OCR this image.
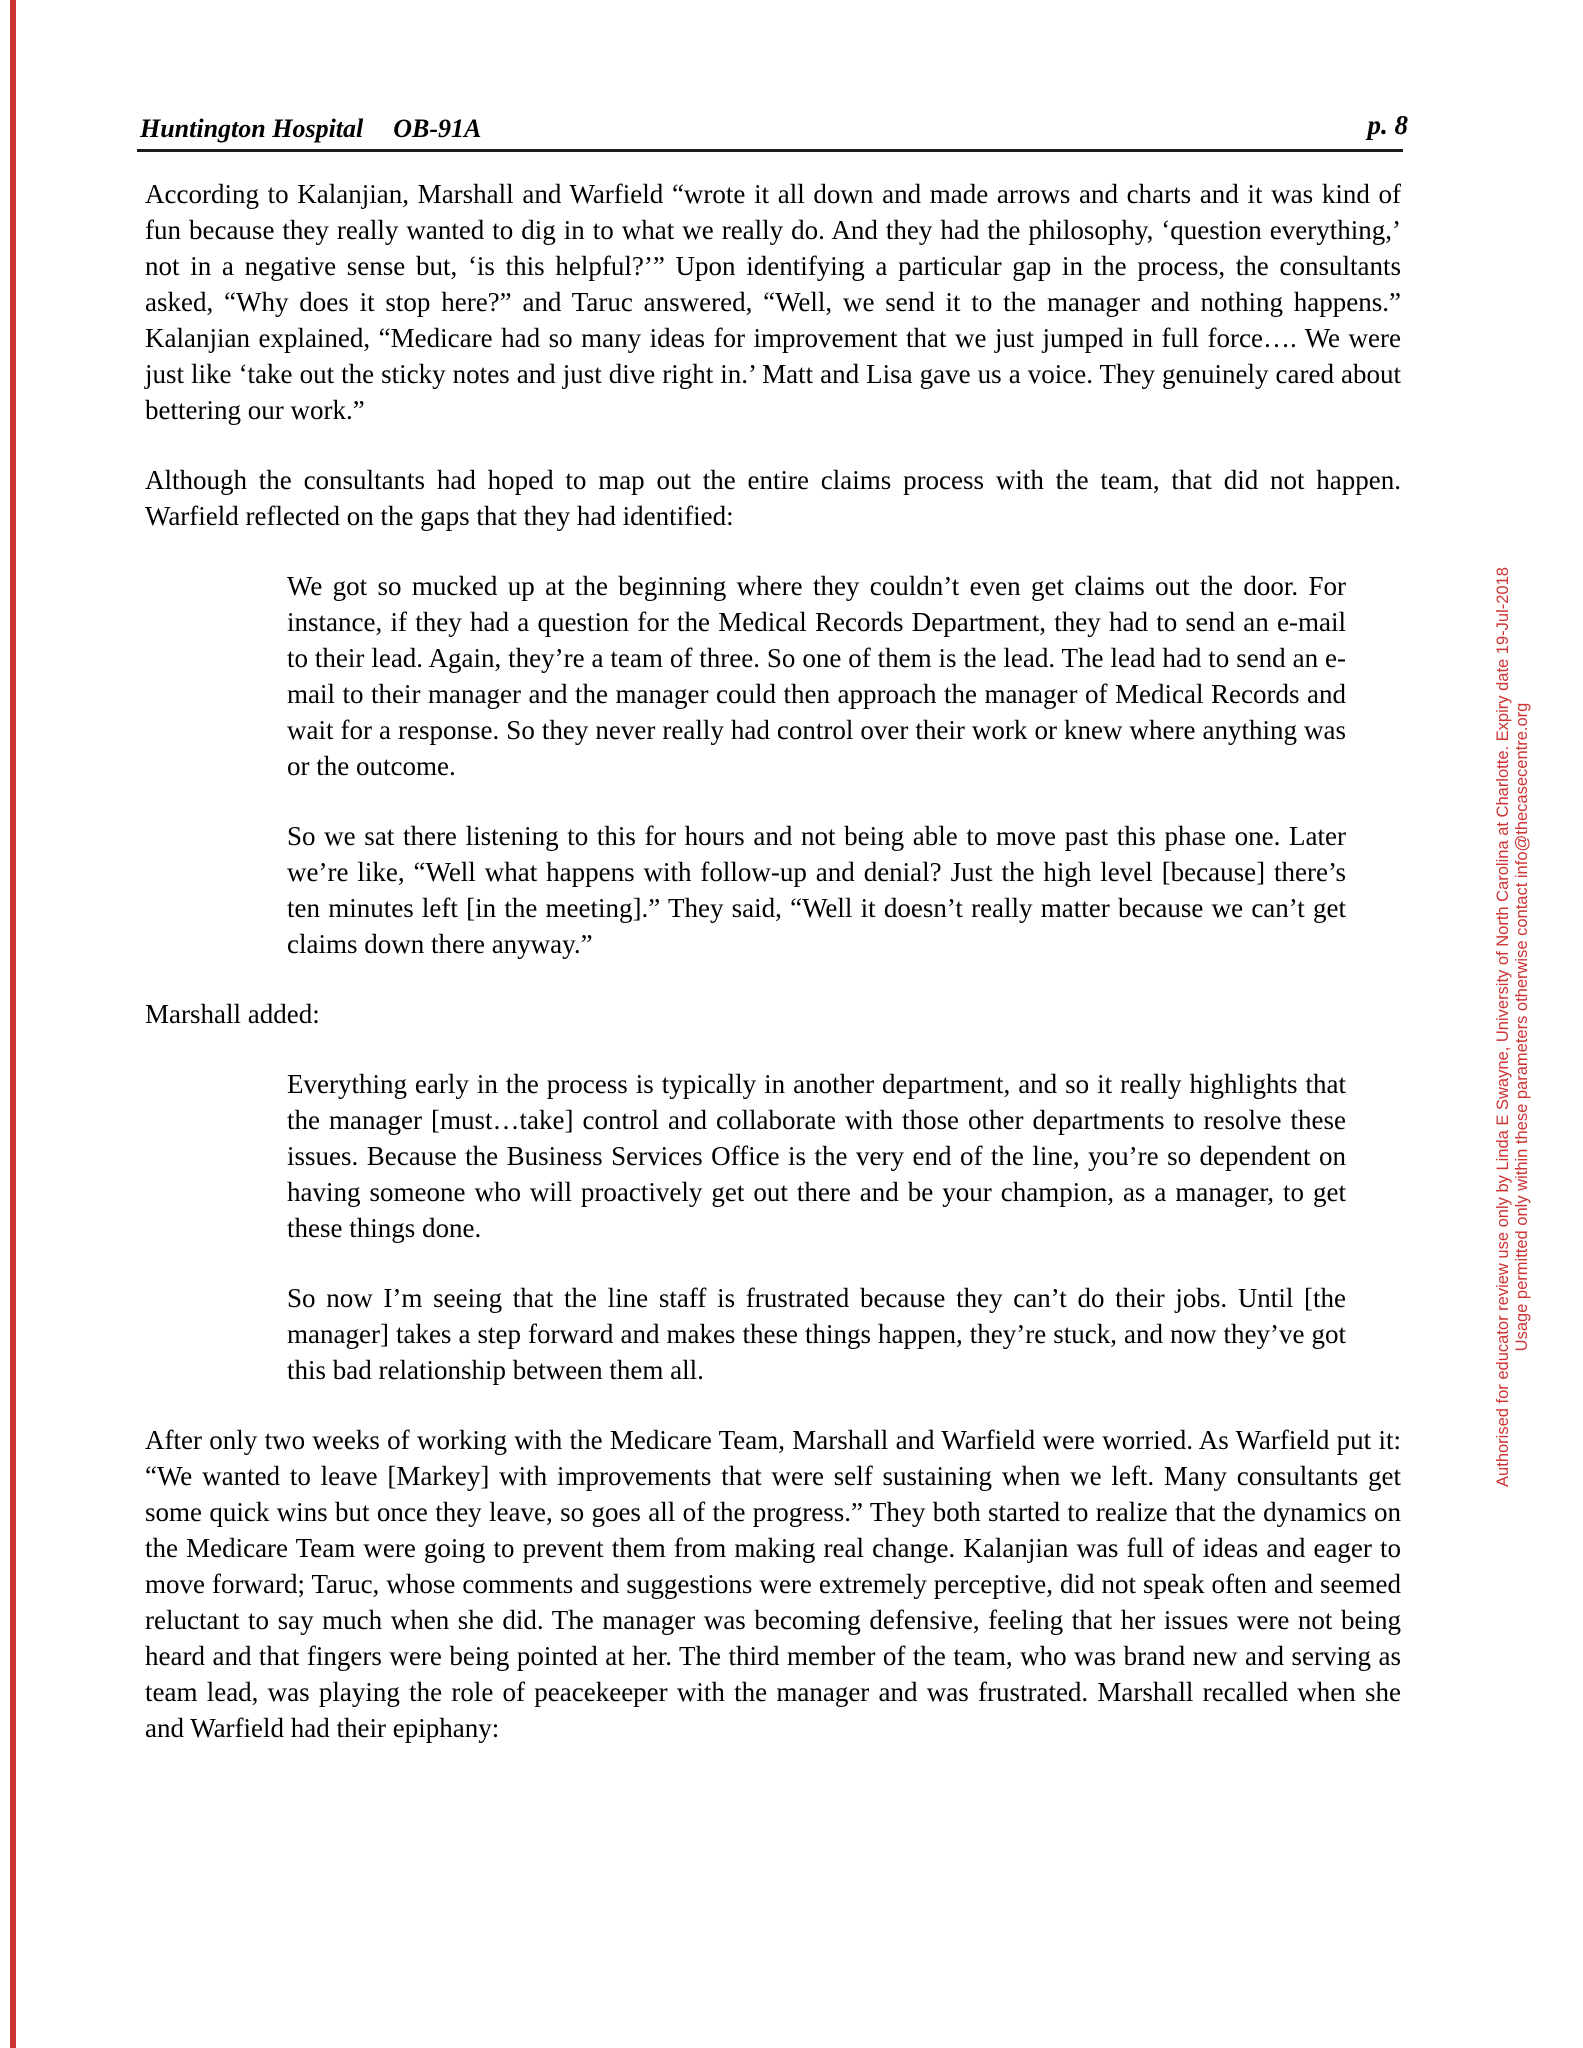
Huntington Hospital OB-91A	p. 8
According to Kalanjian, Marshall and Warfield “wrote it all down and made arrows and charts and it was kind of fun because they really wanted to dig in to what we really do. And they had the philosophy, ‘question everything,’ not in a negative sense but, ‘is this helpful?’” Upon identifying a particular gap in the process, the consultants asked, “Why does it stop here?” and Taruc answered, “Well, we send it to the manager and nothing happens.” Kalanjian explained, “Medicare had so many ideas for improvement that we just jumped in full force…. We were just like ‘take out the sticky notes and just dive right in.’ Matt and Lisa gave us a voice. They genuinely cared about bettering our work.”
Although the consultants had hoped to map out the entire claims process with the team, that did not happen. Warfield reflected on the gaps that they had identified:
We got so mucked up at the beginning where they couldn’t even get claims out the door. For instance, if they had a question for the Medical Records Department, they had to send an e-mail to their lead. Again, they’re a team of three. So one of them is the lead. The lead had to send an e-mail to their manager and the manager could then approach the manager of Medical Records and wait for a response. So they never really had control over their work or knew where anything was or the outcome.
So we sat there listening to this for hours and not being able to move past this phase one. Later we’re like, “Well what happens with follow-up and denial? Just the high level [because] there’s ten minutes left [in the meeting].” They said, “Well it doesn’t really matter because we can’t get claims down there anyway.”
Marshall added:
Everything early in the process is typically in another department, and so it really highlights that the manager [must…take] control and collaborate with those other departments to resolve these issues. Because the Business Services Office is the very end of the line, you’re so dependent on having someone who will proactively get out there and be your champion, as a manager, to get these things done.
So now I’m seeing that the line staff is frustrated because they can’t do their jobs. Until [the manager] takes a step forward and makes these things happen, they’re stuck, and now they’ve got this bad relationship between them all.
After only two weeks of working with the Medicare Team, Marshall and Warfield were worried. As Warfield put it: “We wanted to leave [Markey] with improvements that were self sustaining when we left. Many consultants get some quick wins but once they leave, so goes all of the progress.” They both started to realize that the dynamics on the Medicare Team were going to prevent them from making real change. Kalanjian was full of ideas and eager to move forward; Taruc, whose comments and suggestions were extremely perceptive, did not speak often and seemed reluctant to say much when she did. The manager was becoming defensive, feeling that her issues were not being heard and that fingers were being pointed at her. The third member of the team, who was brand new and serving as team lead, was playing the role of peacekeeper with the manager and was frustrated. Marshall recalled when she and Warfield had their epiphany:
Authorised for educator review use only by Linda E Swayne, University of North Carolina at Charlotte. Expiry date 19-Jul-2018 Usage permitted only within these parameters otherwise contact info@thecasecentre.org
